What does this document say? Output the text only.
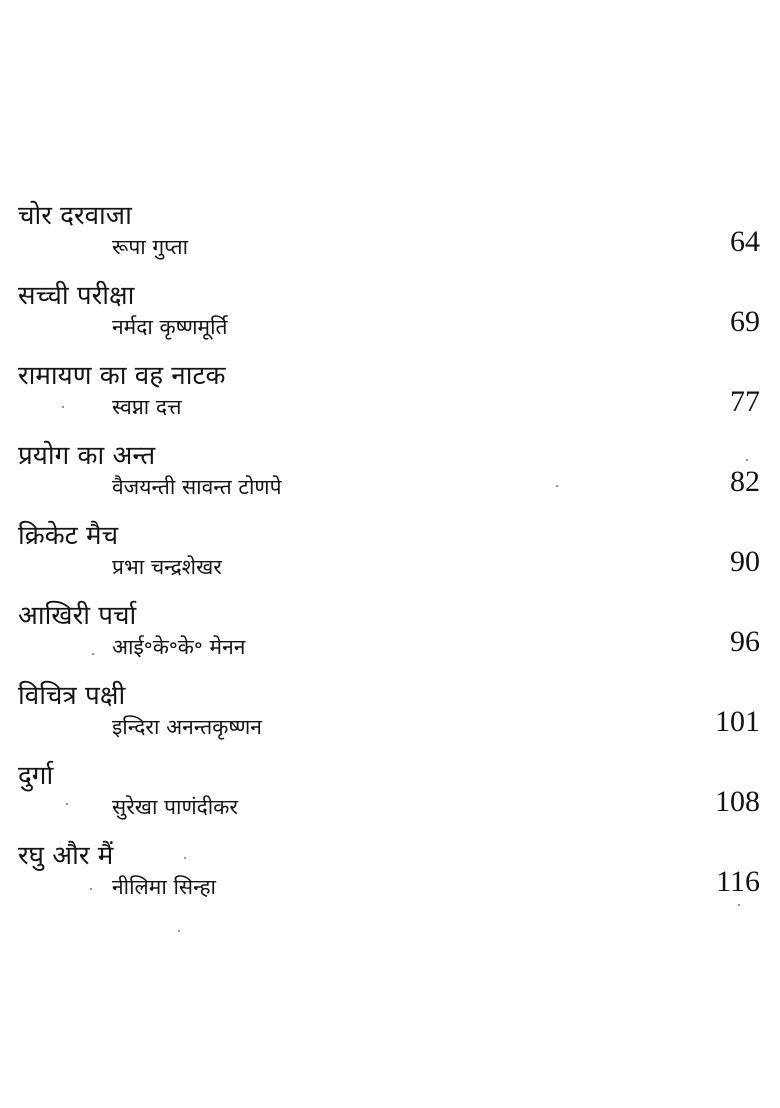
चोर दरवाजा
रूपा गुप्ता	64
सच्ची परीक्षा
नर्मदा कृष्णमूर्ति	69
रामायण का वह नाटक
स्वप्ना दत्त	77
प्रयोग का अन्त
वैजयन्ती सावन्त टोणपे	82
क्रिकेट मैच
प्रभा चन्द्रशेखर	90
आखिरी पर्चा
आई॰के॰के॰ मेनन	96
विचित्र पक्षी
इन्दिरा अनन्तकृष्णन	101
दुर्गा
सुरेखा पाणंदीकर	108
रघु और मैं
नीलिमा सिन्हा	116
